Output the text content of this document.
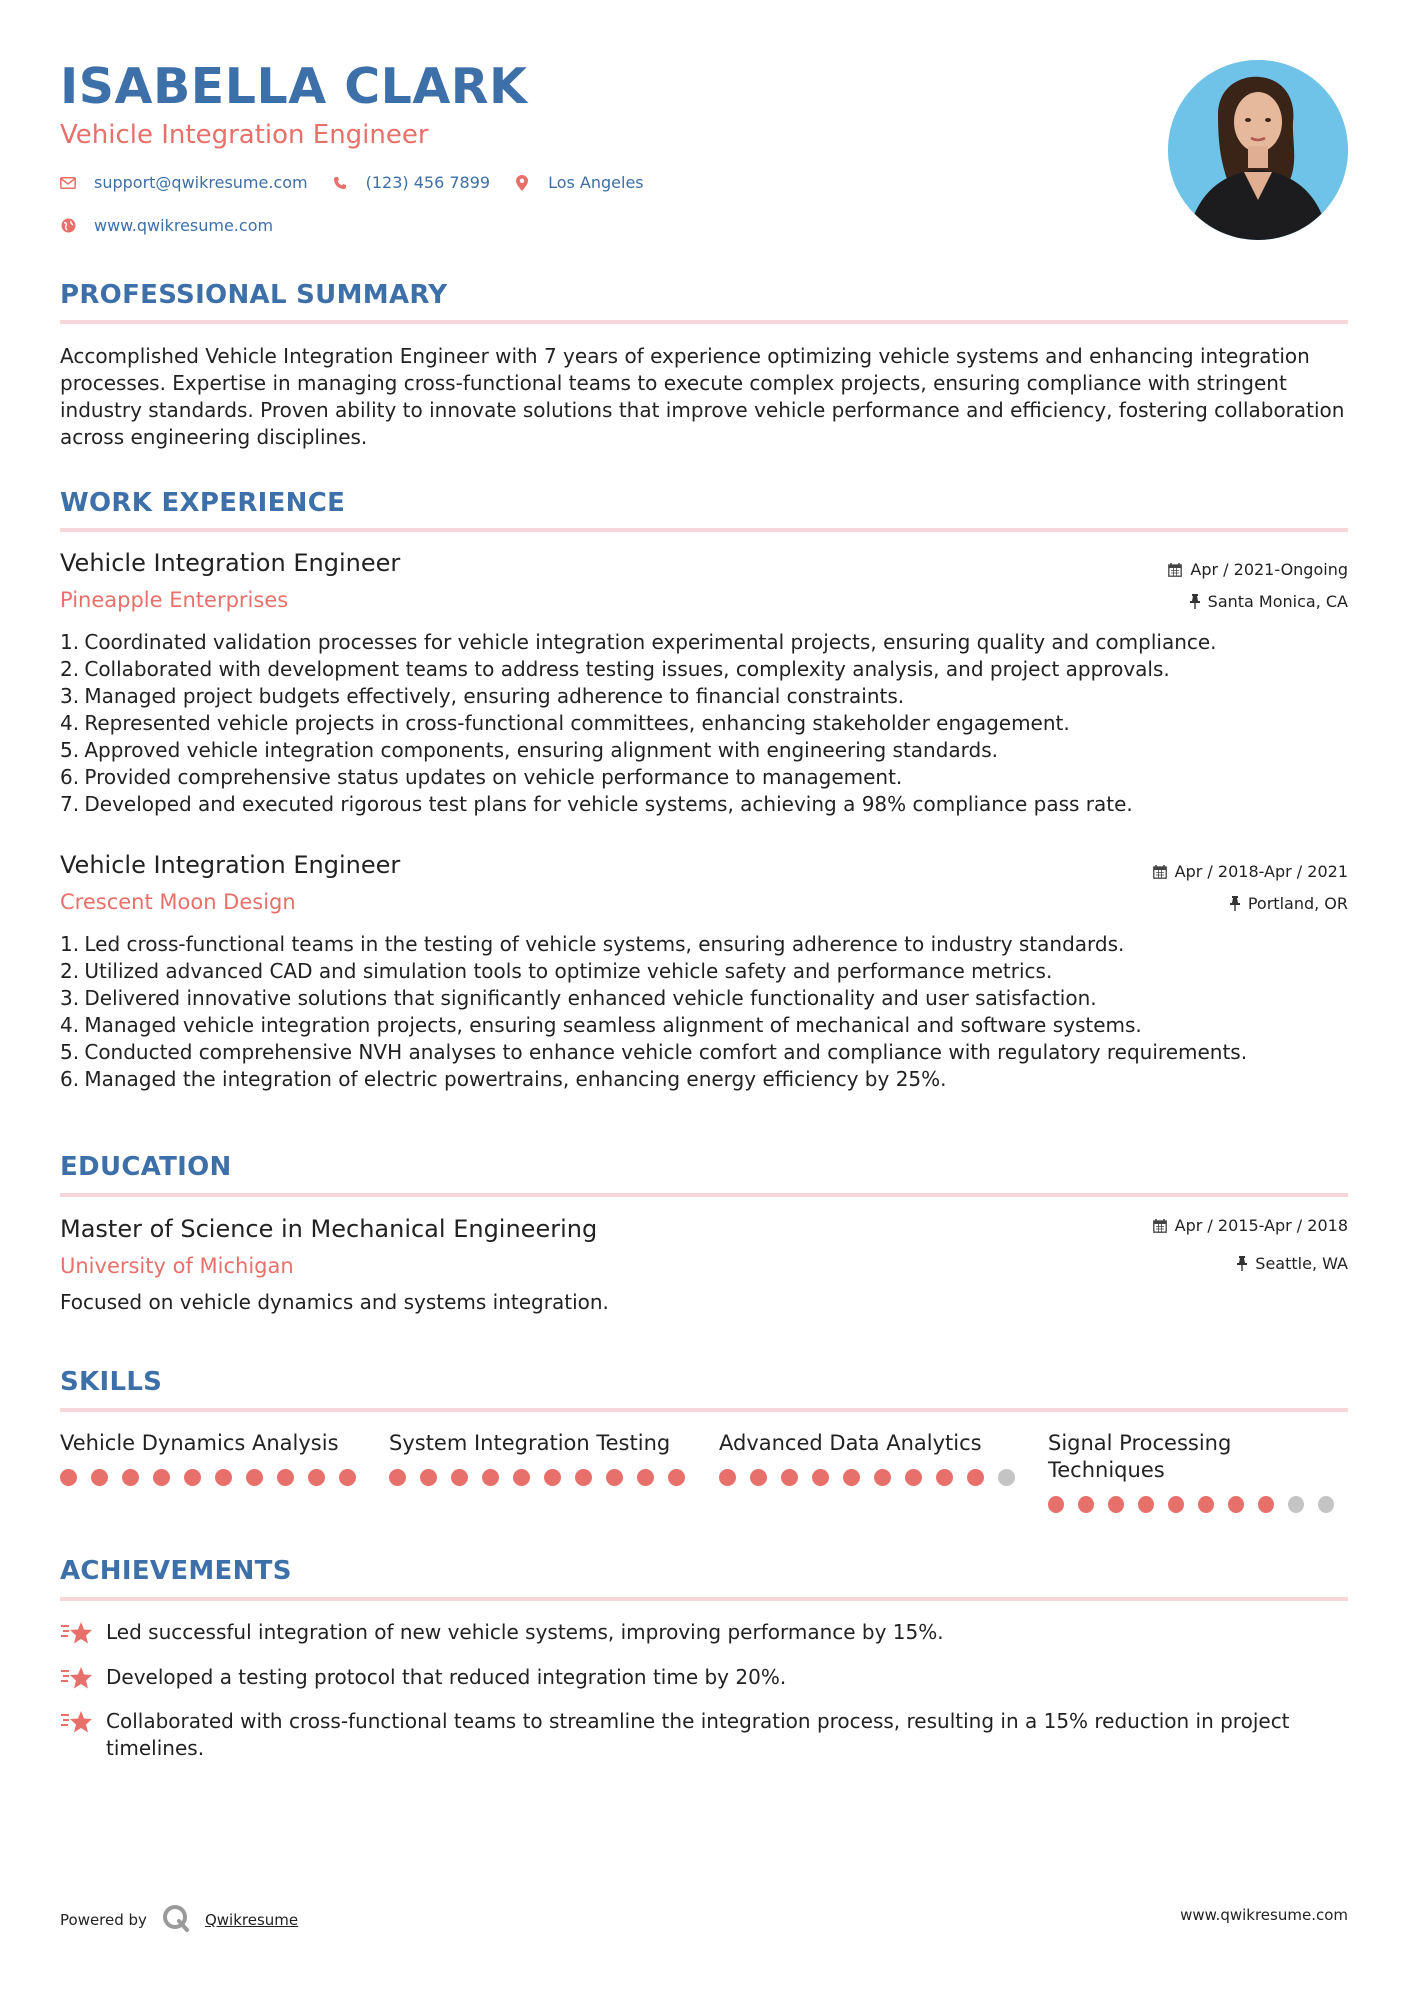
ISABELLA CLARK
Vehicle Integration Engineer
support@qwikresume.com	(123) 456 7899	Los Angeles
www.qwikresume.com
PROFESSIONAL SUMMARY
Accomplished Vehicle Integration Engineer with 7 years of experience optimizing vehicle systems and enhancing integration processes. Expertise in managing cross-functional teams to execute complex projects, ensuring compliance with stringent industry standards. Proven ability to innovate solutions that improve vehicle performance and efficiency, fostering collaboration across engineering disciplines.
WORK EXPERIENCE
Vehicle Integration Engineer	Apr / 2021-Ongoing
Pineapple Enterprises	Santa Monica, CA
1.
Coordinated validation processes for vehicle integration experimental projects, ensuring quality and compliance.
2.
Collaborated with development teams to address testing issues, complexity analysis, and project approvals.
3.
Managed project budgets effectively, ensuring adherence to financial constraints.
4.
Represented vehicle projects in cross-functional committees, enhancing stakeholder engagement.
5.
Approved vehicle integration components, ensuring alignment with engineering standards.
6.
Provided comprehensive status updates on vehicle performance to management.
7.
Developed and executed rigorous test plans for vehicle systems, achieving a 98% compliance pass rate.
Vehicle Integration Engineer	Apr / 2018-Apr / 2021
Crescent Moon Design	Portland, OR
1.
Led cross-functional teams in the testing of vehicle systems, ensuring adherence to industry standards.
2.
Utilized advanced CAD and simulation tools to optimize vehicle safety and performance metrics.
3.
Delivered innovative solutions that significantly enhanced vehicle functionality and user satisfaction.
4.
Managed vehicle integration projects, ensuring seamless alignment of mechanical and software systems.
5.
Conducted comprehensive NVH analyses to enhance vehicle comfort and compliance with regulatory requirements.
6.
Managed the integration of electric powertrains, enhancing energy efficiency by 25%.
EDUCATION
Master of Science in Mechanical Engineering	Apr / 2015-Apr / 2018
University of Michigan	Seattle, WA
Focused on vehicle dynamics and systems integration.
SKILLS
Vehicle Dynamics Analysis	System Integration Testing	Advanced Data Analytics	Signal Processing Techniques
ACHIEVEMENTS
Led successful integration of new vehicle systems, improving performance by 15%.
Developed a testing protocol that reduced integration time by 20%.
Collaborated with cross-functional teams to streamline the integration process, resulting in a 15% reduction in project timelines.
Powered by	Qwikresume	www.qwikresume.com
